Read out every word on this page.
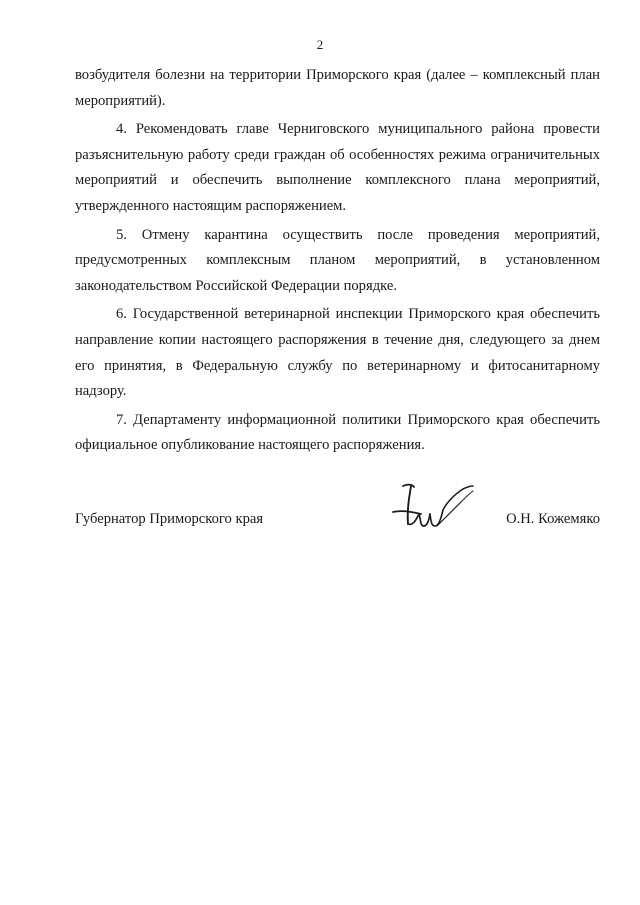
2

возбудителя болезни на территории Приморского края (далее – комплексный план мероприятий).

4. Рекомендовать главе Черниговского муниципального района провести разъяснительную работу среди граждан об особенностях режима ограничительных мероприятий и обеспечить выполнение комплексного плана мероприятий, утвержденного настоящим распоряжением.

5. Отмену карантина осуществить после проведения мероприятий, предусмотренных комплексным планом мероприятий, в установленном законодательством Российской Федерации порядке.

6. Государственной ветеринарной инспекции Приморского края обеспечить направление копии настоящего распоряжения в течение дня, следующего за днем его принятия, в Федеральную службу по ветеринарному и фитосанитарному надзору.

7. Департаменту информационной политики Приморского края обеспечить официальное опубликование настоящего распоряжения.

Губернатор Приморского края	О.Н. Кожемяко
